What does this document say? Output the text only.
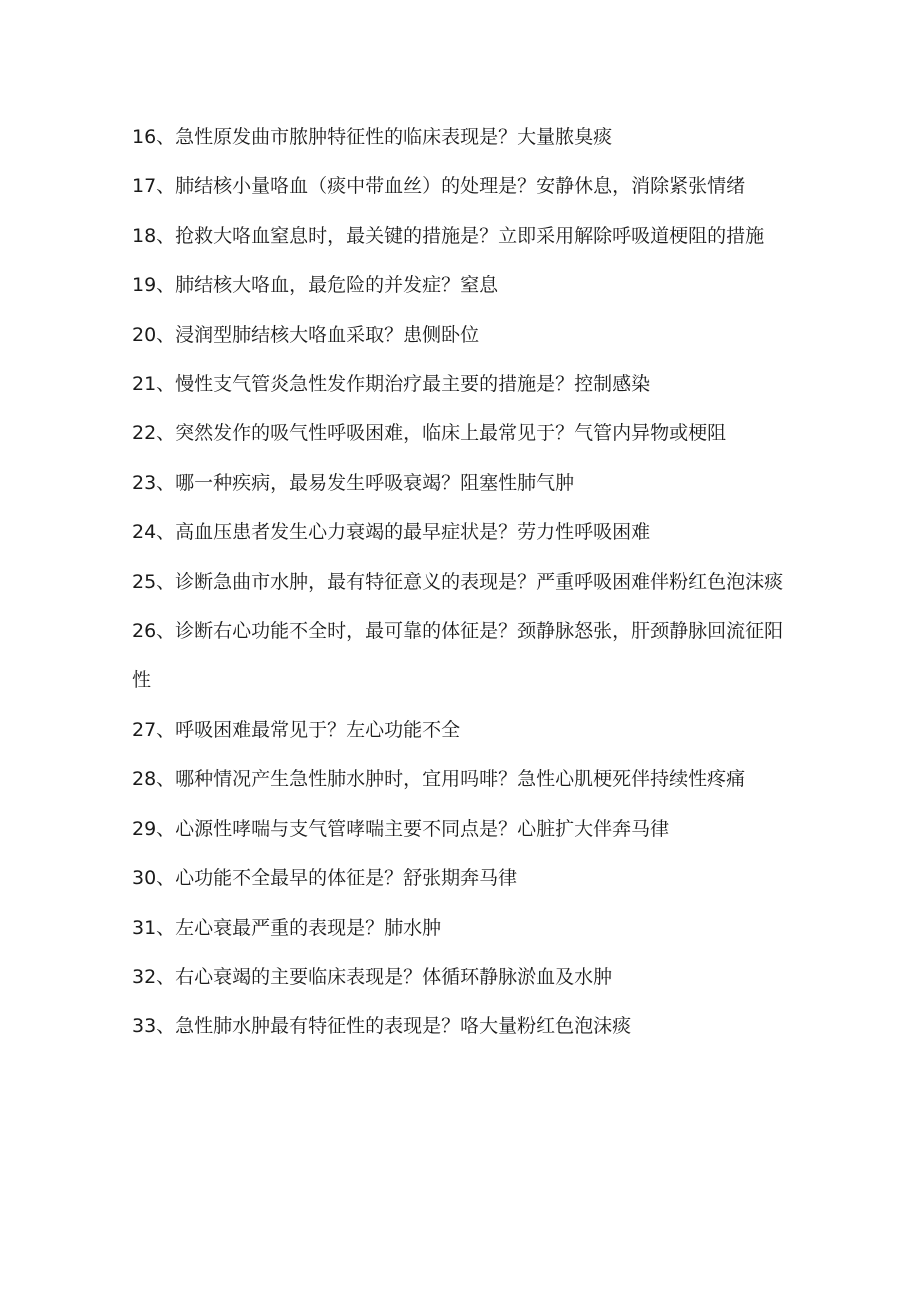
16、急性原发曲市脓肿特征性的临床表现是？大量脓臭痰
17、肺结核小量咯血（痰中带血丝）的处理是？安静休息，消除紧张情绪
18、抢救大咯血窒息时，最关键的措施是？立即采用解除呼吸道梗阻的措施
19、肺结核大咯血，最危险的并发症？窒息
20、浸润型肺结核大咯血采取？患侧卧位
21、慢性支气管炎急性发作期治疗最主要的措施是？控制感染
22、突然发作的吸气性呼吸困难，临床上最常见于？气管内异物或梗阻
23、哪一种疾病，最易发生呼吸衰竭？阻塞性肺气肿
24、高血压患者发生心力衰竭的最早症状是？劳力性呼吸困难
25、诊断急曲市水肿，最有特征意义的表现是？严重呼吸困难伴粉红色泡沫痰
26、诊断右心功能不全时，最可靠的体征是？颈静脉怒张，肝颈静脉回流征阳性
27、呼吸困难最常见于？左心功能不全
28、哪种情况产生急性肺水肿时，宜用吗啡？急性心肌梗死伴持续性疼痛
29、心源性哮喘与支气管哮喘主要不同点是？心脏扩大伴奔马律
30、心功能不全最早的体征是？舒张期奔马律
31、左心衰最严重的表现是？肺水肿
32、右心衰竭的主要临床表现是？体循环静脉淤血及水肿
33、急性肺水肿最有特征性的表现是？咯大量粉红色泡沫痰
